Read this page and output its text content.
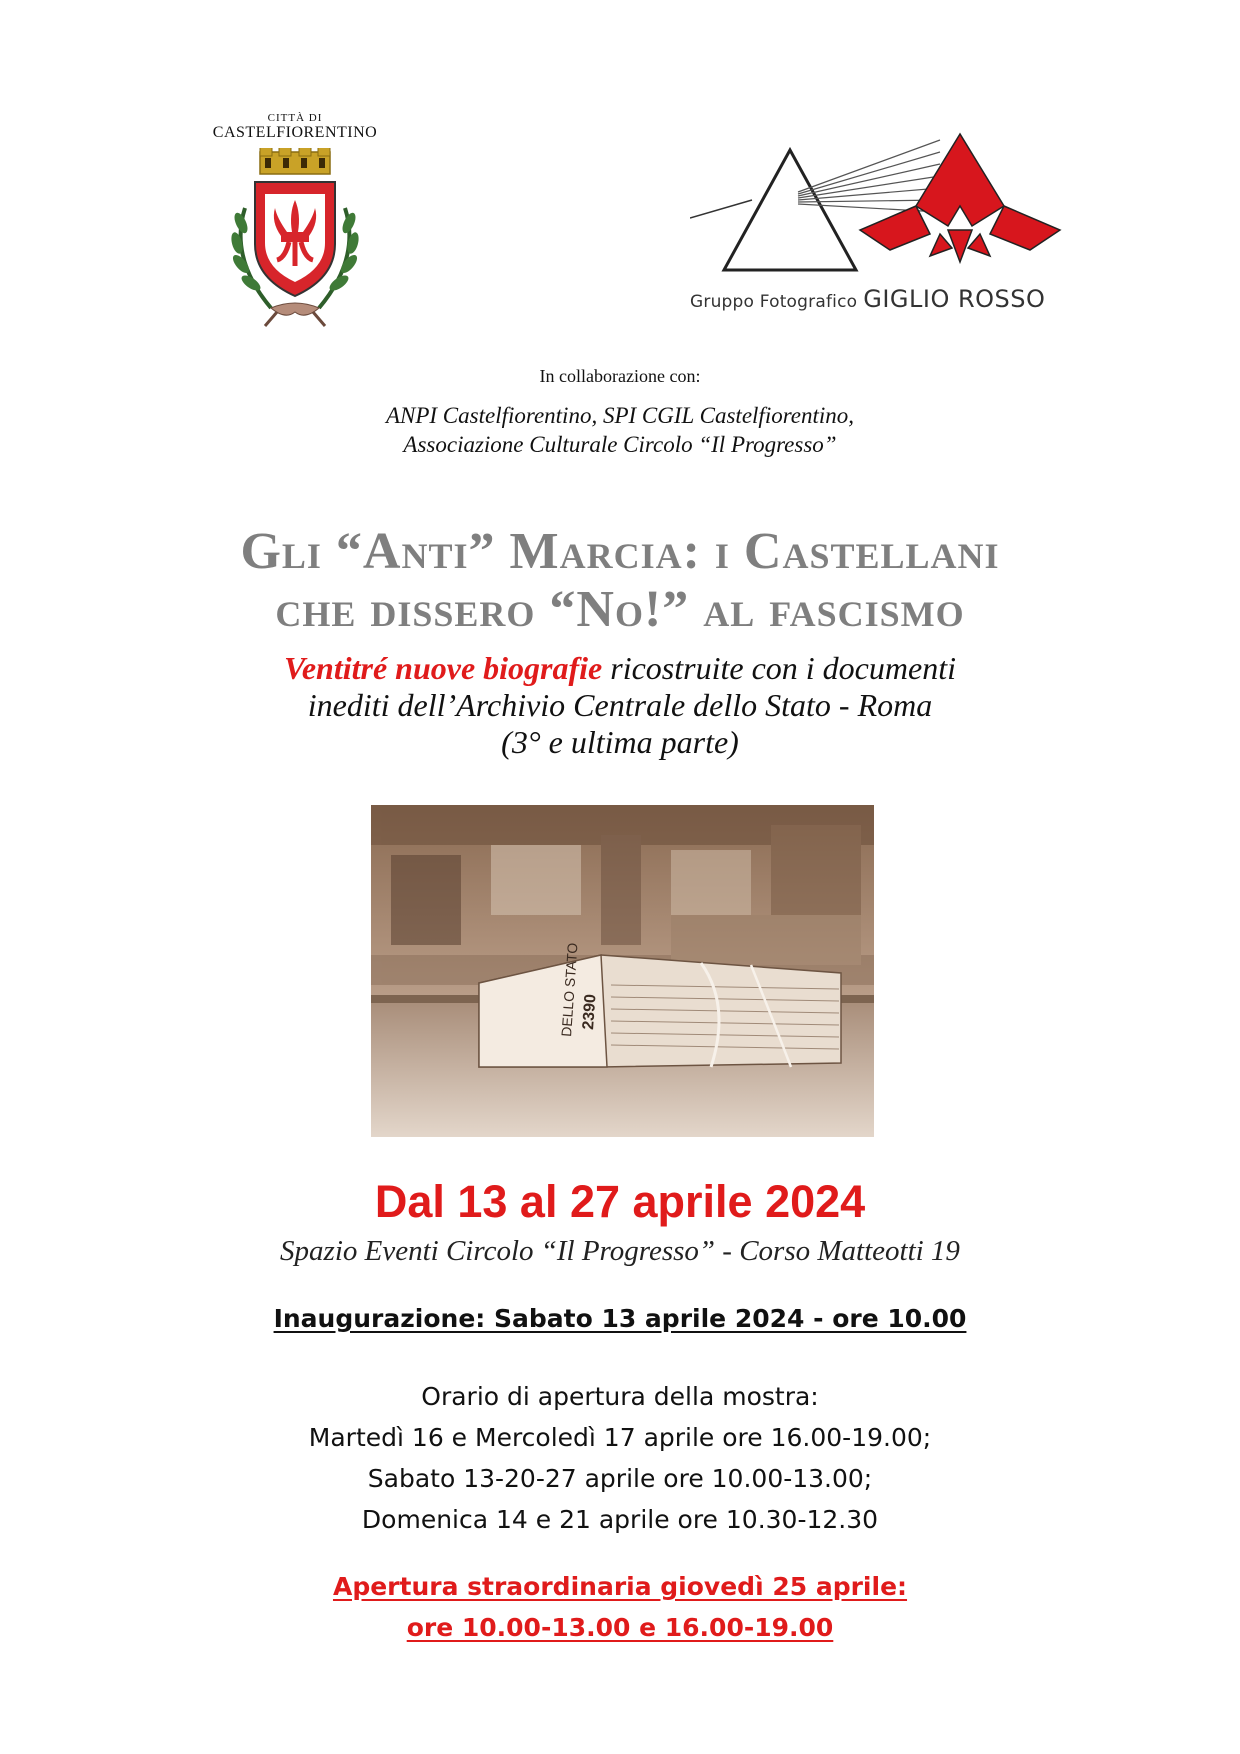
CITTÀ DI
CASTELFIORENTINO
Gruppo Fotografico GIGLIO ROSSO
In collaborazione con:
ANPI Castelfiorentino, SPI CGIL Castelfiorentino,
Associazione Culturale Circolo “Il Progresso”
Gli “Anti” Marcia: i Castellani
che dissero “No!” al fascismo
Ventitré nuove biografie ricostruite con i documenti
inediti dell’Archivio Centrale dello Stato - Roma
(3° e ultima parte)
DELLO STATO 2390
Dal 13 al 27 aprile 2024
Spazio Eventi Circolo “Il Progresso” - Corso Matteotti 19
Inaugurazione: Sabato 13 aprile 2024 - ore 10.00
Orario di apertura della mostra:
Martedì 16 e Mercoledì 17 aprile ore 16.00-19.00;
Sabato 13-20-27 aprile ore 10.00-13.00;
Domenica 14 e 21 aprile ore 10.30-12.30
Apertura straordinaria giovedì 25 aprile:
ore 10.00-13.00 e 16.00-19.00
